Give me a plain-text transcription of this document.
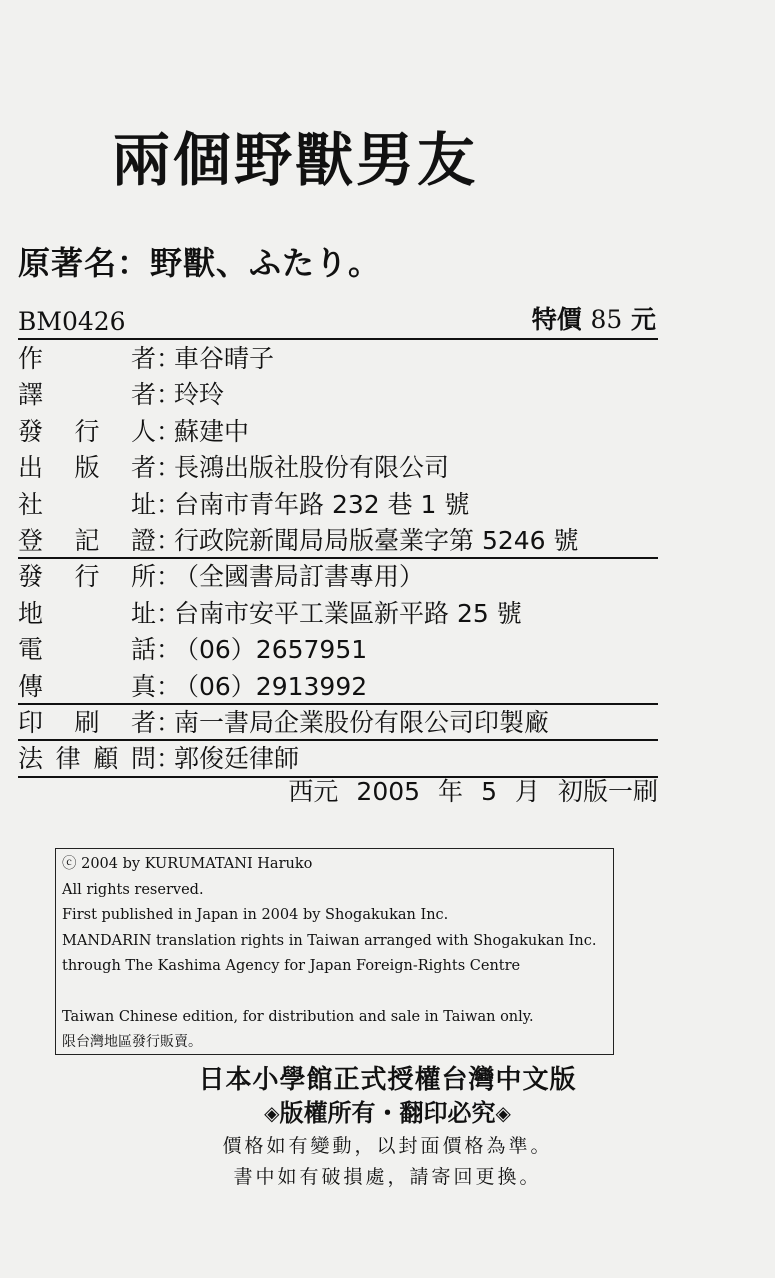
兩個野獸男友
原著名：野獸、ふたり。
BM0426	特價 85 元
作者：車谷晴子
譯者：玲玲
發行人：蘇建中
出版者：長鴻出版社股份有限公司
社址：台南市青年路 232 巷 1 號
登記證：行政院新聞局局版臺業字第 5246 號
發行所：（全國書局訂書專用）
地址：台南市安平工業區新平路 25 號
電話：（06）2657951
傳真：（06）2913992
印刷者：南一書局企業股份有限公司印製廠
法律顧問：郭俊廷律師
西元 2005 年 5 月 初版一刷
ⓒ 2004 by KURUMATANI Haruko
All rights reserved.
First published in Japan in 2004 by Shogakukan Inc.
MANDARIN translation rights in Taiwan arranged with Shogakukan Inc.
through The Kashima Agency for Japan Foreign-Rights Centre
Taiwan Chinese edition, for distribution and sale in Taiwan only.
限台灣地區發行販賣。
日本小學館正式授權台灣中文版
◈版權所有・翻印必究◈
價格如有變動，以封面價格為準。
書中如有破損處，請寄回更換。
